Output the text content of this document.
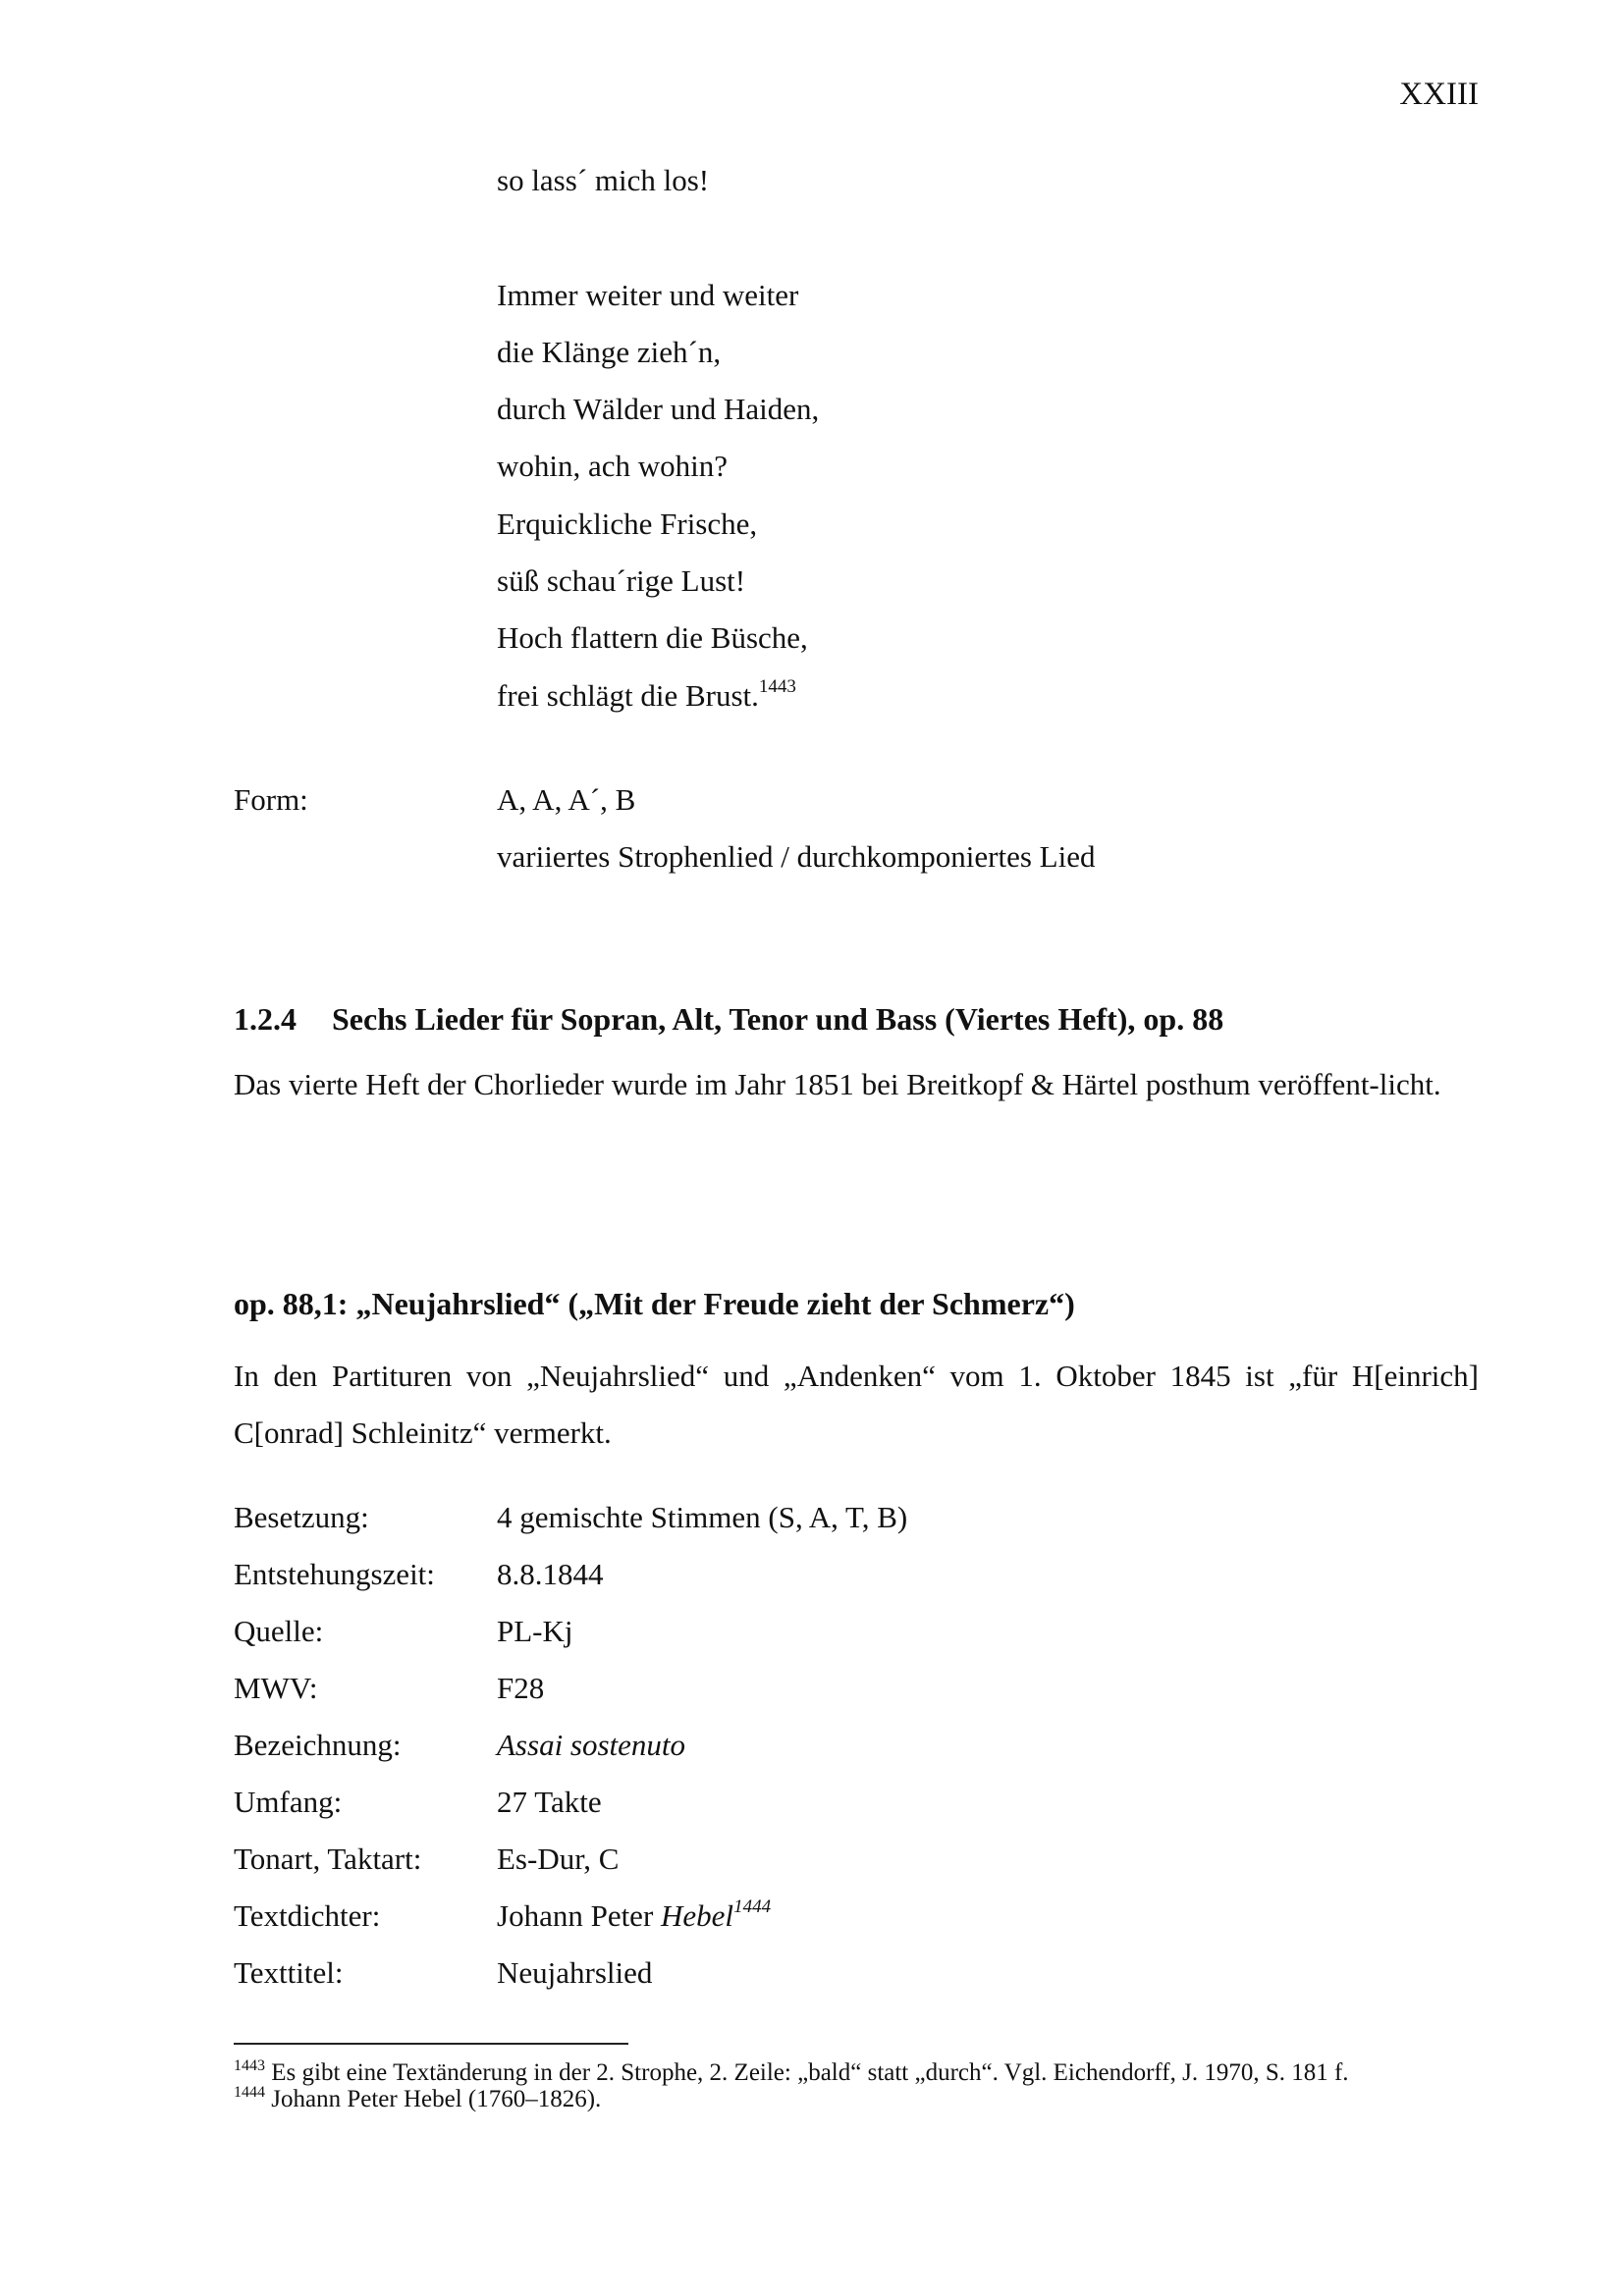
XXIII
so lass´ mich los!
Immer weiter und weiter
die Klänge zieh´n,
durch Wälder und Haiden,
wohin, ach wohin?
Erquickliche Frische,
süß schau´rige Lust!
Hoch flattern die Büsche,
frei schlägt die Brust.$^{1443}$
Form:	A, A, A´, B
variiertes Strophenlied / durchkomponiertes Lied
1.2.4 Sechs Lieder für Sopran, Alt, Tenor und Bass (Viertes Heft), op. 88
Das vierte Heft der Chorlieder wurde im Jahr 1851 bei Breitkopf & Härtel posthum veröffent-licht.
op. 88,1: „Neujahrslied“ („Mit der Freude zieht der Schmerz“)
In den Partituren von „Neujahrslied“ und „Andenken“ vom 1. Oktober 1845 ist „für H[einrich] C[onrad] Schleinitz“ vermerkt.
Besetzung:	4 gemischte Stimmen (S, A, T, B)
Entstehungszeit:	8.8.1844
Quelle:	PL-Kj
MWV:	F28
Bezeichnung:	Assai sostenuto
Umfang:	27 Takte
Tonart, Taktart:	Es-Dur, C
Textdichter:	Johann Peter Hebel$^{1444}$
Texttitel:	Neujahrslied
$^{1443}$ Es gibt eine Textänderung in der 2. Strophe, 2. Zeile: „bald“ statt „durch“. Vgl. Eichendorff, J. 1970, S. 181 f.
$^{1444}$ Johann Peter Hebel (1760–1826).
